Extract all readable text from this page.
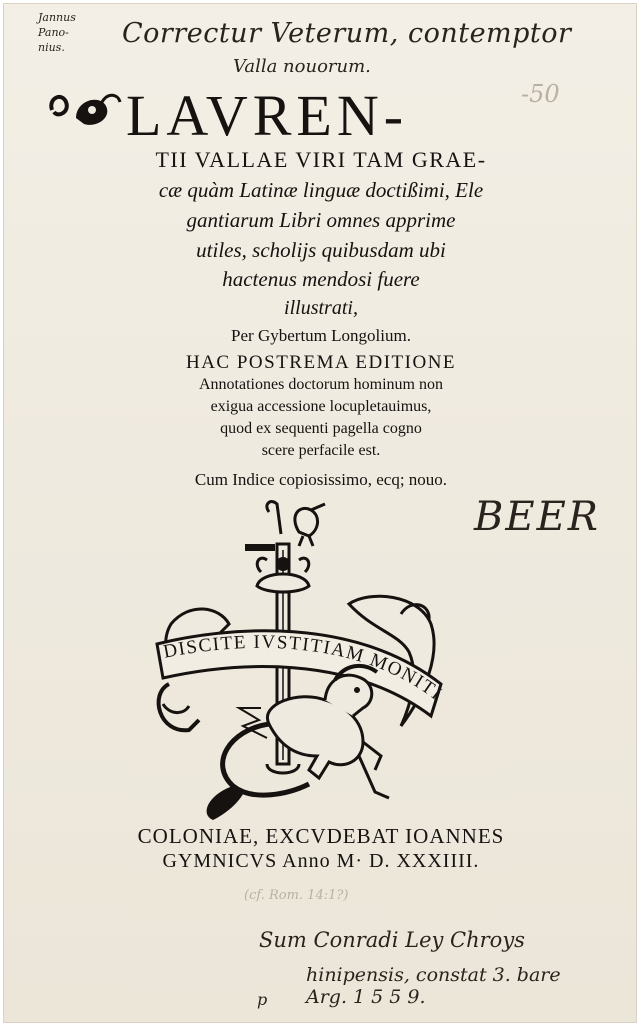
Jannus
Pano-
nius.	Correctur Veterum, contemptor
Valla nouorum.
-50
LAVREN-
TII VALLAE VIRI TAM GRAE-
cæ quàm Latinæ linguæ doctißimi, Ele
gantiarum Libri omnes apprime
utiles, scholijs quibusdam ubi
hactenus mendosi fuere
illustrati,
Per Gybertum Longolium.
HAC POSTREMA EDITIONE
Annotationes doctorum hominum non
exigua accessione locupletauimus,
quod ex sequenti pagella cogno
scere perfacile est.
Cum Indice copiosissimo, ecq; nouo.
BEER
DISCITE IVSTITIAM MONITI
COLONIAE, EXCVDEBAT IOANNES
GYMNICVS Anno M· D. XXXIIII.
(cf. Rom. 14:1?)
Sum Conradi Ley Chroys
hinipensis, constat 3. bare
Arg. 1 5 5 9.
p
